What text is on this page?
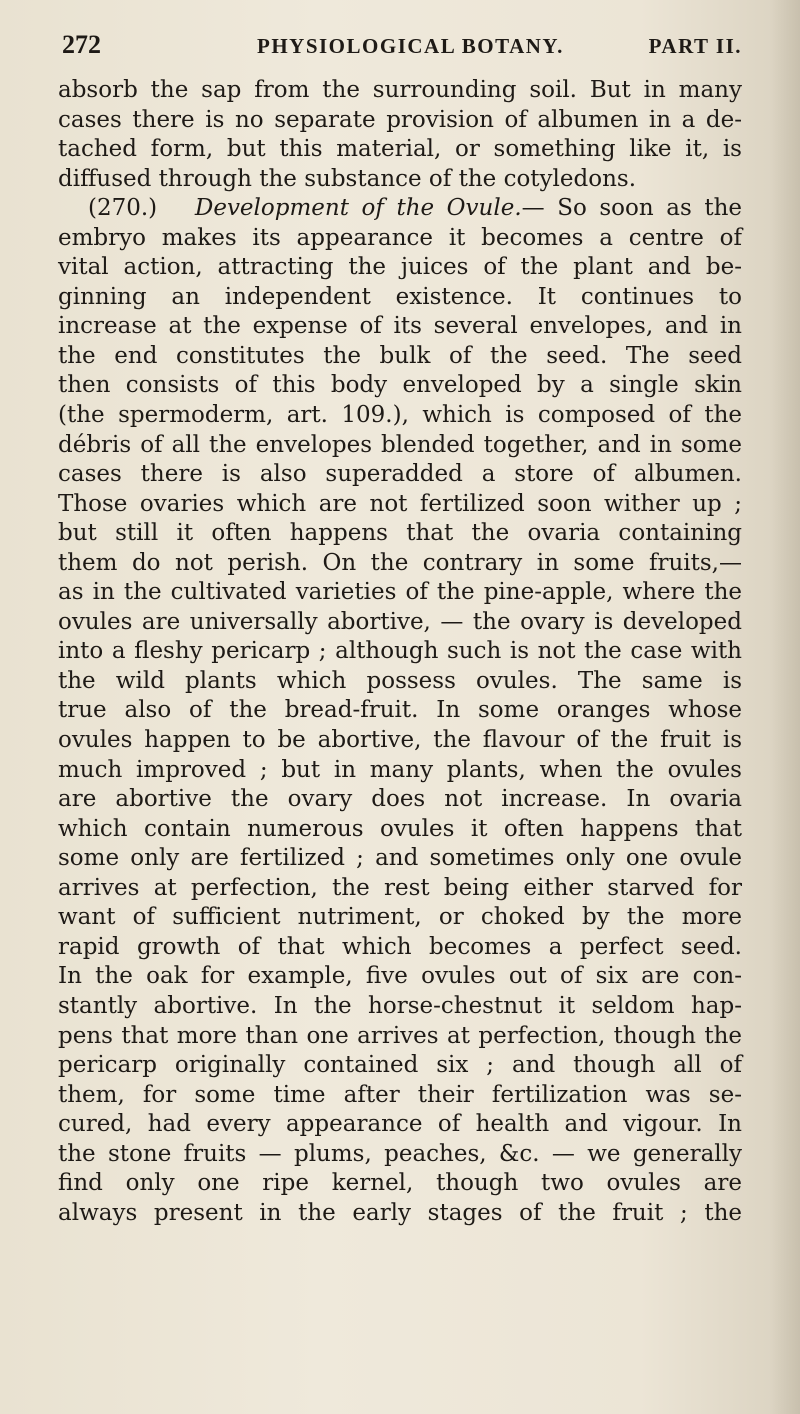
272	PHYSIOLOGICAL BOTANY.	PART II.
absorb the sap from the surrounding soil. But in many
cases there is no separate provision of albumen in a de-
tached form, but this material, or something like it, is
diffused through the substance of the cotyledons.
(270.) Development of the Ovule.— So soon as the
embryo makes its appearance it becomes a centre of
vital action, attracting the juices of the plant and be-
ginning an independent existence. It continues to
increase at the expense of its several envelopes, and in
the end constitutes the bulk of the seed. The seed
then consists of this body enveloped by a single skin
(the spermoderm, art. 109.), which is composed of the
débris of all the envelopes blended together, and in some
cases there is also superadded a store of albumen.
Those ovaries which are not fertilized soon wither up ;
but still it often happens that the ovaria containing
them do not perish. On the contrary in some fruits,—
as in the cultivated varieties of the pine-apple, where the
ovules are universally abortive, — the ovary is developed
into a fleshy pericarp ; although such is not the case with
the wild plants which possess ovules. The same is
true also of the bread-fruit. In some oranges whose
ovules happen to be abortive, the flavour of the fruit is
much improved ; but in many plants, when the ovules
are abortive the ovary does not increase. In ovaria
which contain numerous ovules it often happens that
some only are fertilized ; and sometimes only one ovule
arrives at perfection, the rest being either starved for
want of sufficient nutriment, or choked by the more
rapid growth of that which becomes a perfect seed.
In the oak for example, five ovules out of six are con-
stantly abortive. In the horse-chestnut it seldom hap-
pens that more than one arrives at perfection, though the
pericarp originally contained six ; and though all of
them, for some time after their fertilization was se-
cured, had every appearance of health and vigour. In
the stone fruits — plums, peaches, &c. — we generally
find only one ripe kernel, though two ovules are
always present in the early stages of the fruit ; the
